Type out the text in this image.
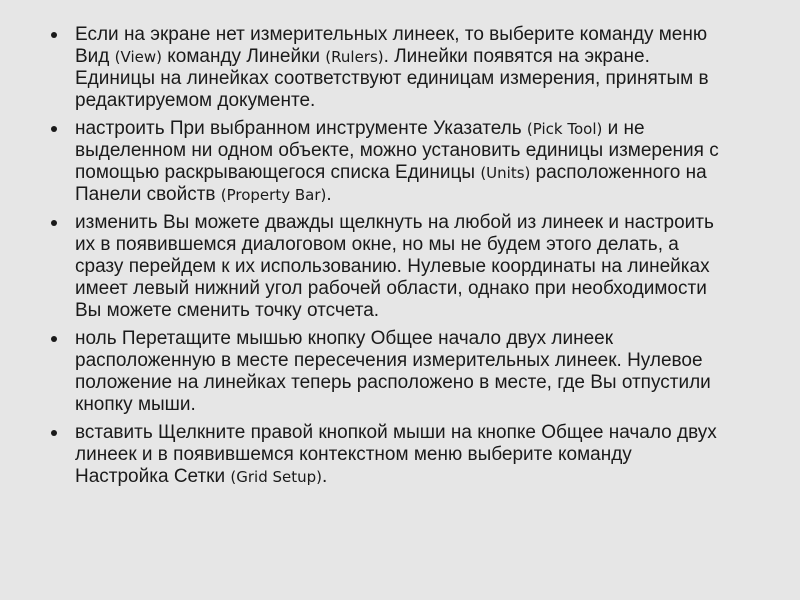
Если на экране нет измерительных линеек, то выберите команду меню Вид (View) команду Линейки (Rulers). Линейки появятся на экране. Единицы на линейках соответствуют единицам измерения, принятым в редактируемом документе.
настроить При выбранном инструменте Указатель (Pick Tool) и не выделенном ни одном объекте, можно установить единицы измерения с помощью раскрывающегося списка Единицы (Units) расположенного на Панели свойств (Property Bar).
изменить Вы можете дважды щелкнуть на любой из линеек и настроить их в появившемся диалоговом окне, но мы не будем этого делать, а сразу перейдем к их использованию. Нулевые координаты на линейках имеет левый нижний угол рабочей области, однако при необходимости Вы можете сменить точку отсчета.
ноль Перетащите мышью кнопку Общее начало двух линеек расположенную в месте пересечения измерительных линеек. Нулевое положение на линейках теперь расположено в месте, где Вы отпустили кнопку мыши.
вставить Щелкните правой кнопкой мыши на кнопке Общее начало двух линеек и в появившемся контекстном меню выберите команду Настройка Сетки (Grid Setup).
